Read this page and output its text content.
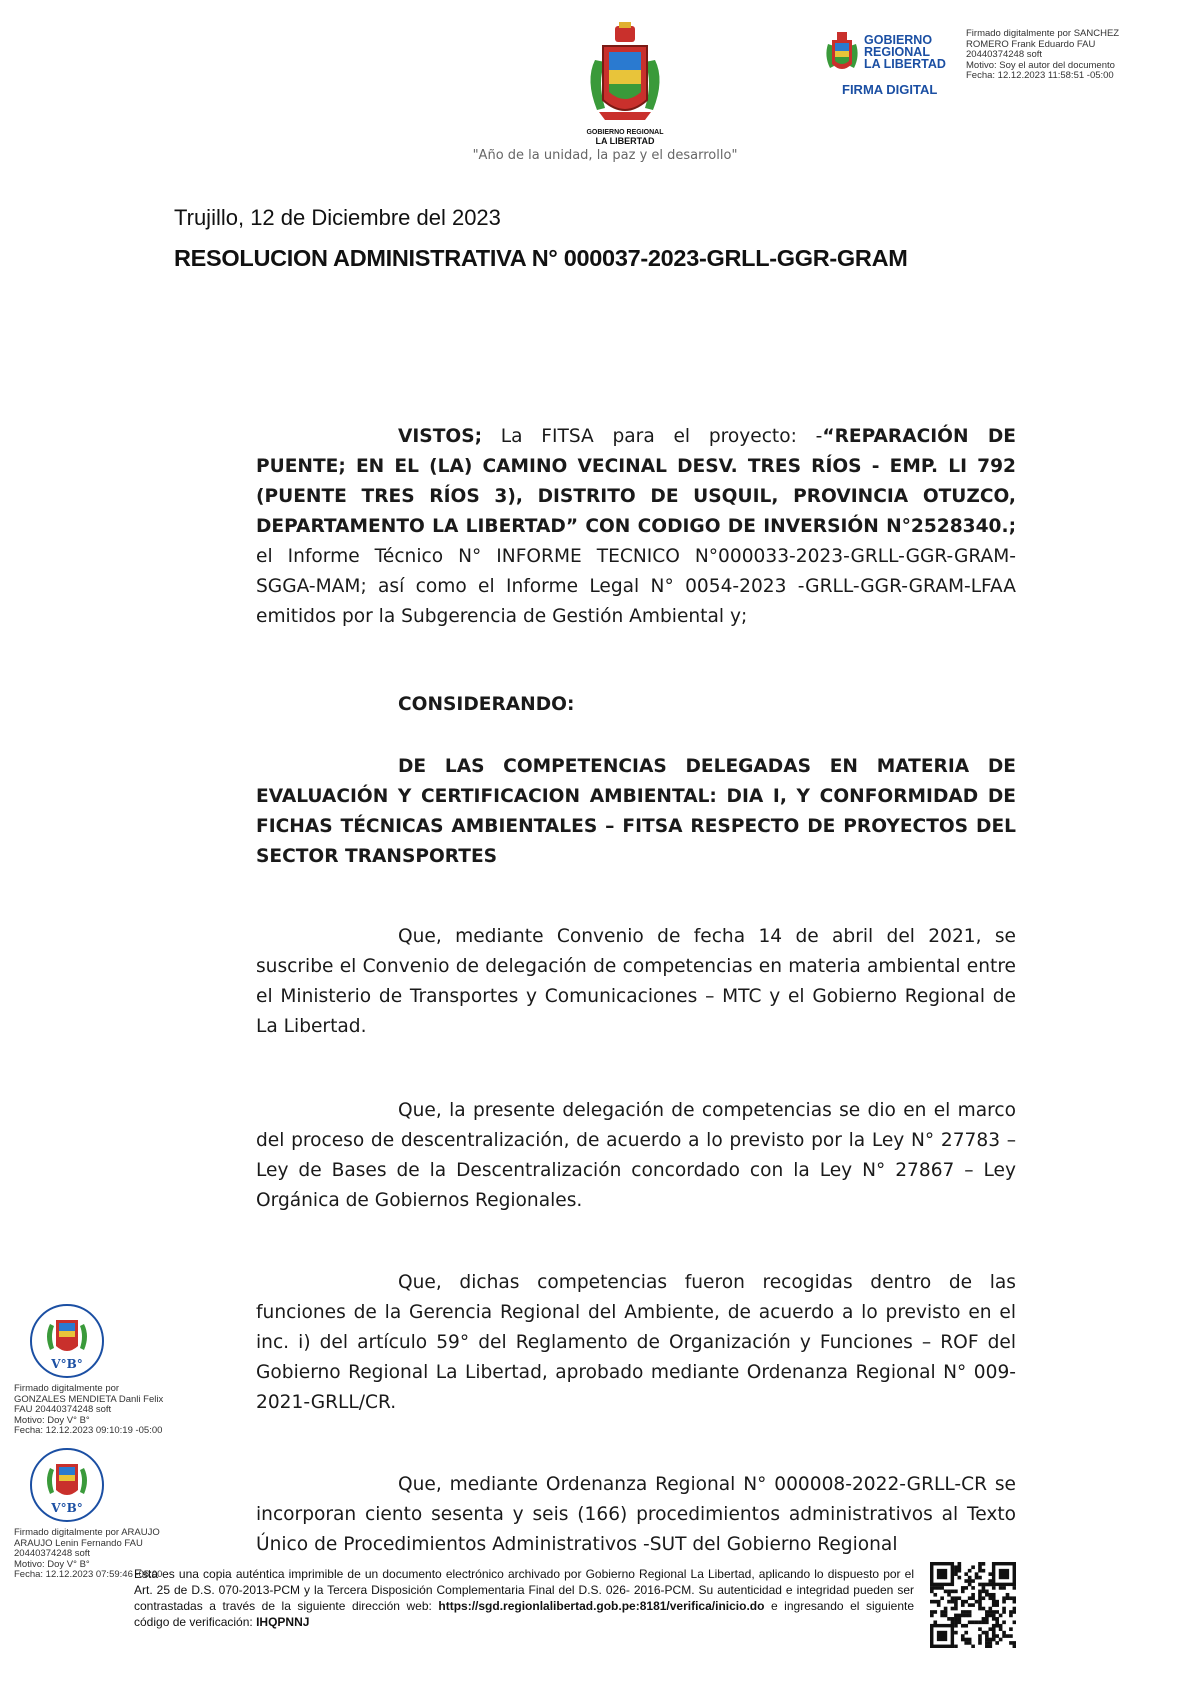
GOBIERNO REGIONAL
LA LIBERTAD
"Año de la unidad, la paz y el desarrollo"
GOBIERNO
REGIONAL
LA LIBERTAD
FIRMA DIGITAL
Firmado digitalmente por SANCHEZ
ROMERO Frank Eduardo FAU
20440374248 soft
Motivo: Soy el autor del documento
Fecha: 12.12.2023 11:58:51 -05:00
Trujillo, 12 de Diciembre del 2023
RESOLUCION ADMINISTRATIVA N° 000037-2023-GRLL-GGR-GRAM
VISTOS; La FITSA para el proyecto: -“REPARACIÓN DE PUENTE; EN EL (LA) CAMINO VECINAL DESV. TRES RÍOS - EMP. LI 792 (PUENTE TRES RÍOS 3), DISTRITO DE USQUIL, PROVINCIA OTUZCO, DEPARTAMENTO LA LIBERTAD” CON CODIGO DE INVERSIÓN N°2528340.; el Informe Técnico N° INFORME TECNICO N°000033-2023-GRLL-GGR-GRAM-SGGA-MAM; así como el Informe Legal N° 0054-2023 -GRLL-GGR-GRAM-LFAA emitidos por la Subgerencia de Gestión Ambiental y;
CONSIDERANDO:
DE LAS COMPETENCIAS DELEGADAS EN MATERIA DE EVALUACIÓN Y CERTIFICACION AMBIENTAL: DIA I, Y CONFORMIDAD DE FICHAS TÉCNICAS AMBIENTALES – FITSA RESPECTO DE PROYECTOS DEL SECTOR TRANSPORTES
Que, mediante Convenio de fecha 14 de abril del 2021, se suscribe el Convenio de delegación de competencias en materia ambiental entre el Ministerio de Transportes y Comunicaciones – MTC y el Gobierno Regional de La Libertad.
Que, la presente delegación de competencias se dio en el marco del proceso de descentralización, de acuerdo a lo previsto por la Ley N° 27783 – Ley de Bases de la Descentralización concordado con la Ley N° 27867 – Ley Orgánica de Gobiernos Regionales.
Que, dichas competencias fueron recogidas dentro de las funciones de la Gerencia Regional del Ambiente, de acuerdo a lo previsto en el inc. i) del artículo 59° del Reglamento de Organización y Funciones – ROF del Gobierno Regional La Libertad, aprobado mediante Ordenanza Regional N° 009-2021-GRLL/CR.
Que, mediante Ordenanza Regional N° 000008-2022-GRLL-CR se incorporan ciento sesenta y seis (166) procedimientos administrativos al Texto Único de Procedimientos Administrativos -SUT del Gobierno Regional
V°B°
Firmado digitalmente por
GONZALES MENDIETA Danli Felix
FAU 20440374248 soft
Motivo: Doy V° B°
Fecha: 12.12.2023 09:10:19 -05:00
V°B°
Firmado digitalmente por ARAUJO
ARAUJO Lenin Fernando FAU
20440374248 soft
Motivo: Doy V° B°
Fecha: 12.12.2023 07:59:46 -05:00
Esta es una copia auténtica imprimible de un documento electrónico archivado por Gobierno Regional La Libertad, aplicando lo dispuesto por el Art. 25 de D.S. 070-2013-PCM y la Tercera Disposición Complementaria Final del D.S. 026- 2016-PCM. Su autenticidad e integridad pueden ser contrastadas a través de la siguiente dirección web: https://sgd.regionlalibertad.gob.pe:8181/verifica/inicio.do e ingresando el siguiente código de verificación: IHQPNNJ
